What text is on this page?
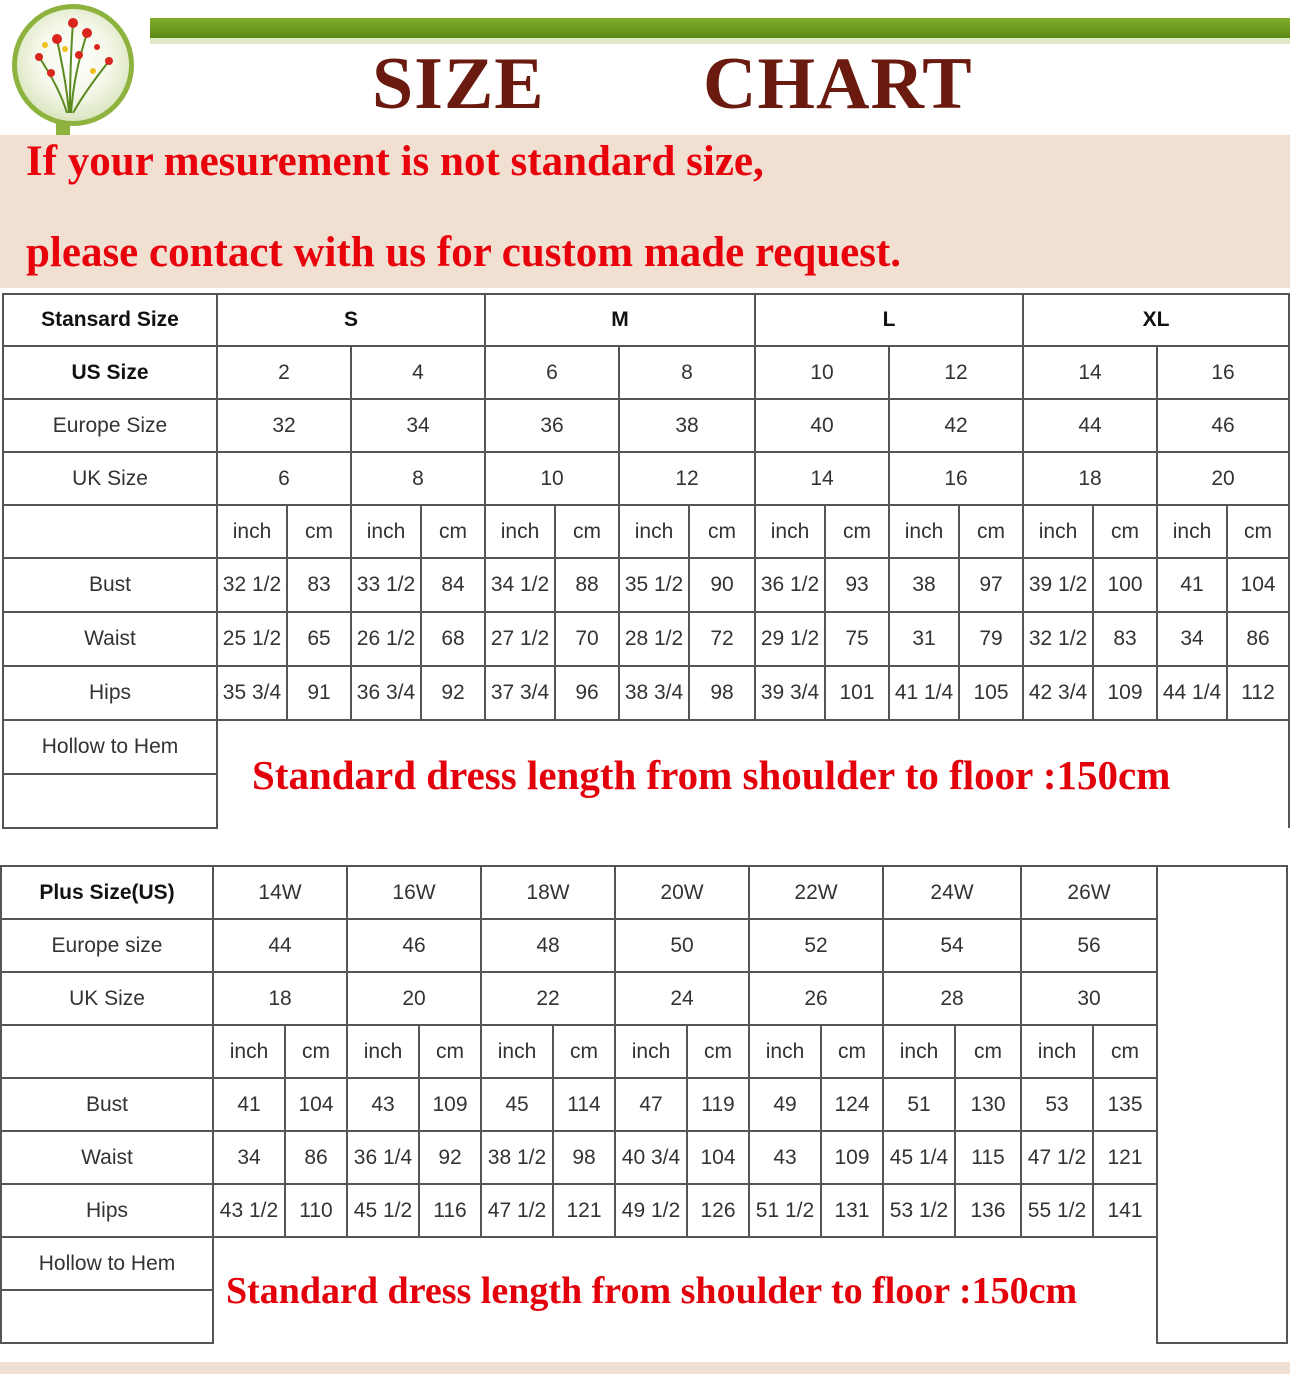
SIZE CHART
If your mesurement is not standard size,
please contact with us for custom made request.
Stansard Size	S				M				L				XL			
US Size	2		4		6		8		10		12		14		16	
Europe Size	32		34		36		38		40		42		44		46	
UK Size	6		8		10		12		14		16		18		20	
	inch	cm	inch	cm	inch	cm	inch	cm	inch	cm	inch	cm	inch	cm	inch	cm
Bust	32 1/2	83	33 1/2	84	34 1/2	88	35 1/2	90	36 1/2	93	38	97	39 1/2	100	41	104
Waist	25 1/2	65	26 1/2	68	27 1/2	70	28 1/2	72	29 1/2	75	31	79	32 1/2	83	34	86
Hips	35 3/4	91	36 3/4	92	37 3/4	96	38 3/4	98	39 3/4	101	41 1/4	105	42 3/4	109	44 1/4	112
Hollow to Hem	Standard dress length from shoulder to floor :150cm															

Plus Size(US)	14W		16W		18W		20W		22W		24W		26W		
Europe size	44		46		48		50		52		54		56		
UK Size	18		20		22		24		26		28		30		
	inch	cm	inch	cm	inch	cm	inch	cm	inch	cm	inch	cm	inch	cm	
Bust	41	104	43	109	45	114	47	119	49	124	51	130	53	135	
Waist	34	86	36 1/4	92	38 1/2	98	40 3/4	104	43	109	45 1/4	115	47 1/2	121	
Hips	43 1/2	110	45 1/2	116	47 1/2	121	49 1/2	126	51 1/2	131	53 1/2	136	55 1/2	141	
Hollow to Hem	Standard dress length from shoulder to floor :150cm														
